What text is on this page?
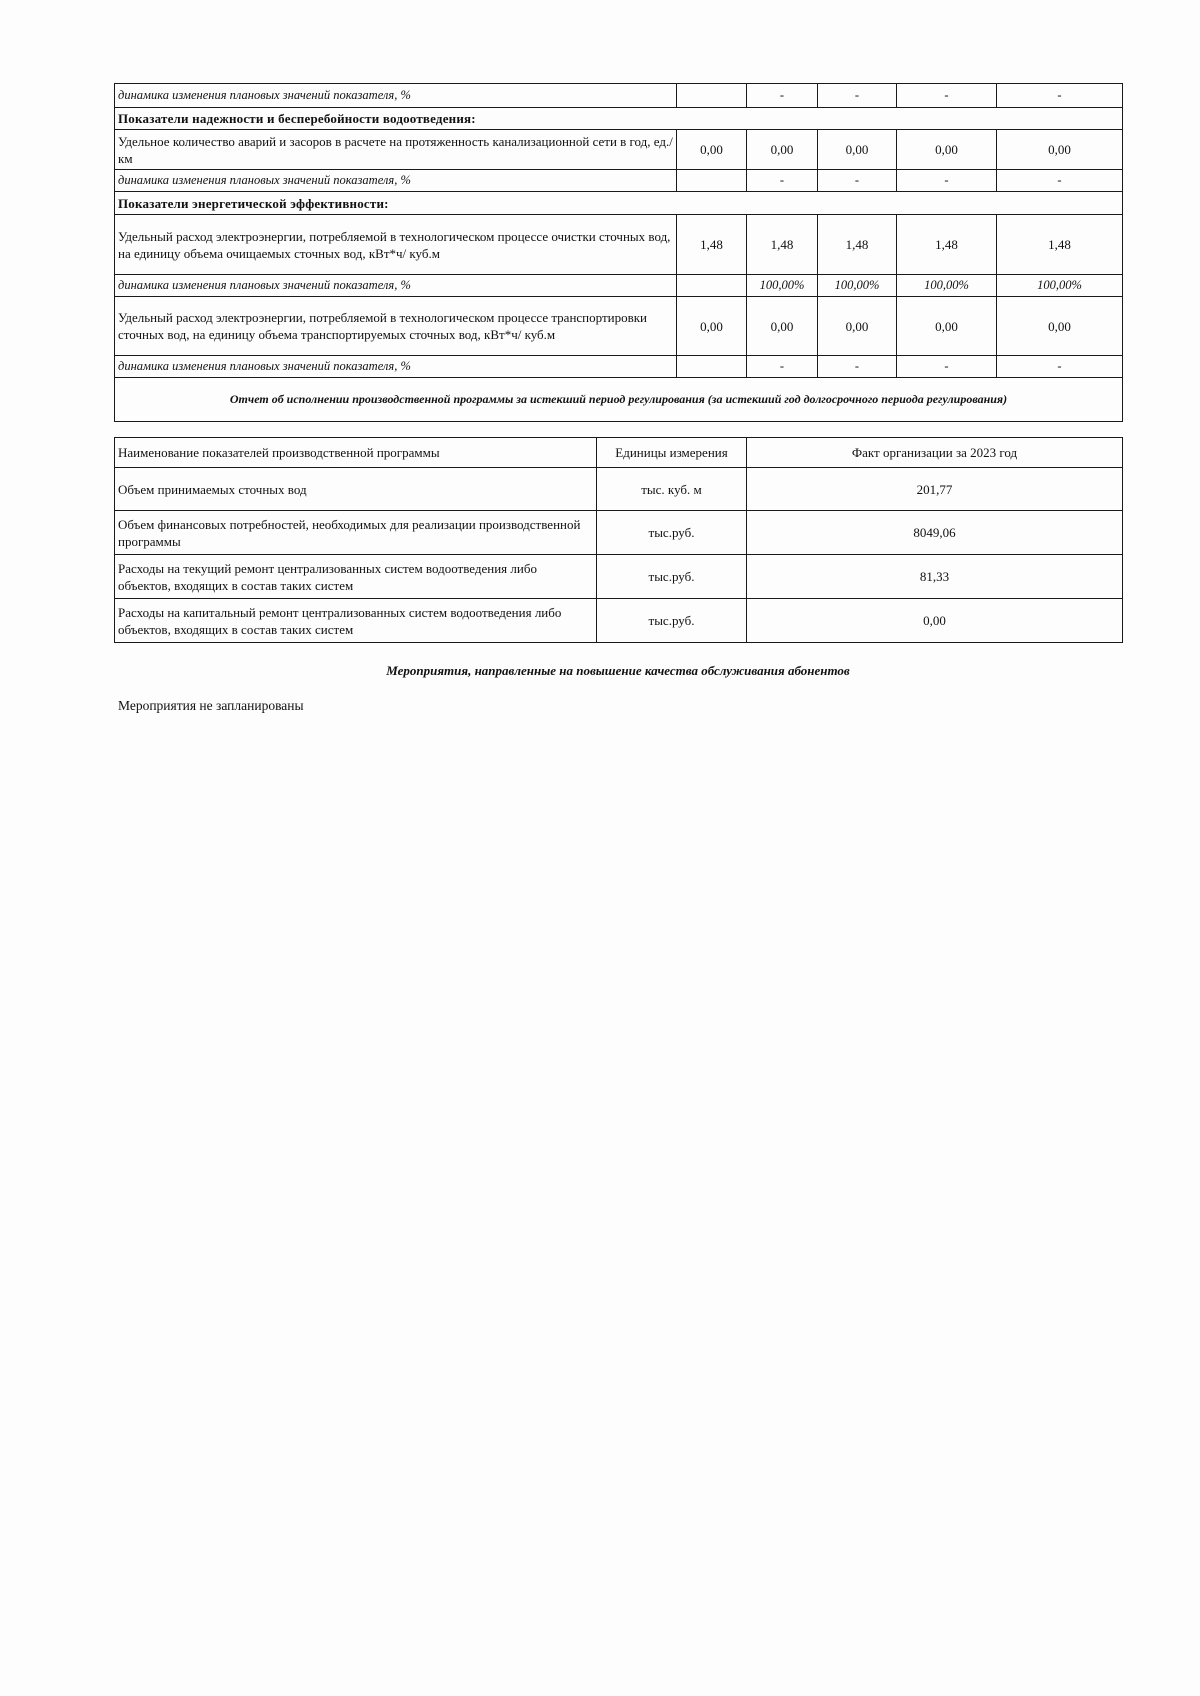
динамика изменения плановых значений показателя, %		-	-	-	-
Показатели надежности и бесперебойности водоотведения:					
Удельное количество аварий и засоров в расчете на протяженность канализационной сети в год, ед./км	0,00	0,00	0,00	0,00	0,00
динамика изменения плановых значений показателя, %		-	-	-	-
Показатели энергетической эффективности:					
Удельный расход электроэнергии, потребляемой в технологическом процессе очистки сточных вод, на единицу объема очищаемых сточных вод, кВт*ч/ куб.м	1,48	1,48	1,48	1,48	1,48
динамика изменения плановых значений показателя, %		100,00%	100,00%	100,00%	100,00%
Удельный расход электроэнергии, потребляемой в технологическом процессе транспортировки сточных вод, на единицу объема транспортируемых сточных вод, кВт*ч/ куб.м	0,00	0,00	0,00	0,00	0,00
динамика изменения плановых значений показателя, %		-	-	-	-
Отчет об исполнении производственной программы за истекший период регулирования (за истекший год долгосрочного периода регулирования)					
Наименование показателей производственной программы	Единицы измерения	Факт организации за 2023 год
Объем принимаемых сточных вод	тыс. куб. м	201,77
Объем финансовых потребностей, необходимых для реализации производственной программы	тыс.руб.	8049,06
Расходы на текущий ремонт централизованных систем водоотведения либо объектов, входящих в состав таких систем	тыс.руб.	81,33
Расходы на капитальный ремонт централизованных систем водоотведения либо объектов, входящих в состав таких систем	тыс.руб.	0,00
Мероприятия, направленные на повышение качества обслуживания абонентов
Мероприятия не запланированы
